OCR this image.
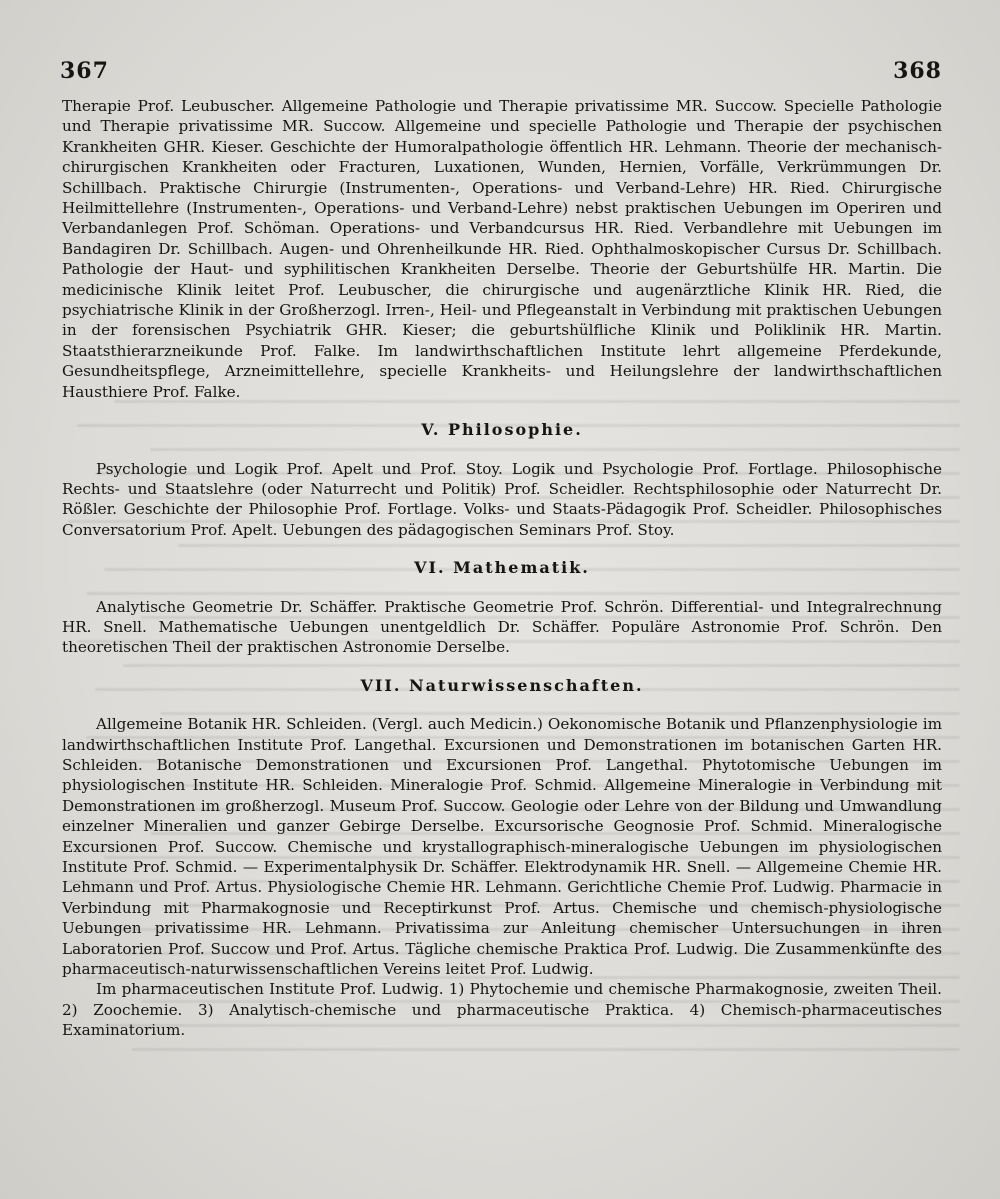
367	368

Therapie Prof. Leubuscher. Allgemeine Pathologie und Therapie privatissime MR. Succow. Specielle Pathologie und Therapie privatissime MR. Succow. Allgemeine und specielle Pathologie und Therapie der psychischen Krankheiten GHR. Kieser. Geschichte der Humoralpathologie öffentlich HR. Lehmann. Theorie der mechanisch-chirurgischen Krankheiten oder Fracturen, Luxationen, Wunden, Hernien, Vorfälle, Verkrümmungen Dr. Schillbach. Praktische Chirurgie (Instrumenten-, Operations- und Verband-Lehre) HR. Ried. Chirurgische Heilmittellehre (Instrumenten-, Operations- und Verband-Lehre) nebst praktischen Uebungen im Operiren und Verbandanlegen Prof. Schöman. Operations- und Verbandcursus HR. Ried. Verbandlehre mit Uebungen im Bandagiren Dr. Schillbach. Augen- und Ohrenheilkunde HR. Ried. Ophthalmoskopischer Cursus Dr. Schillbach. Pathologie der Haut- und syphilitischen Krankheiten Derselbe. Theorie der Geburtshülfe HR. Martin. Die medicinische Klinik leitet Prof. Leubuscher, die chirurgische und augenärztliche Klinik HR. Ried, die psychiatrische Klinik in der Großherzogl. Irren-, Heil- und Pflegeanstalt in Verbindung mit praktischen Uebungen in der forensischen Psychiatrik GHR. Kieser; die geburtshülfliche Klinik und Poliklinik HR. Martin. Staatsthierarzneikunde Prof. Falke. Im landwirthschaftlichen Institute lehrt allgemeine Pferdekunde, Gesundheitspflege, Arzneimittellehre, specielle Krankheits- und Heilungslehre der landwirthschaftlichen Hausthiere Prof. Falke.

V. Philosophie.

Psychologie und Logik Prof. Apelt und Prof. Stoy. Logik und Psychologie Prof. Fortlage. Philosophische Rechts- und Staatslehre (oder Naturrecht und Politik) Prof. Scheidler. Rechtsphilosophie oder Naturrecht Dr. Rößler. Geschichte der Philosophie Prof. Fortlage. Volks- und Staats-Pädagogik Prof. Scheidler. Philosophisches Conversatorium Prof. Apelt. Uebungen des pädagogischen Seminars Prof. Stoy.

VI. Mathematik.

Analytische Geometrie Dr. Schäffer. Praktische Geometrie Prof. Schrön. Differential- und Integralrechnung HR. Snell. Mathematische Uebungen unentgeldlich Dr. Schäffer. Populäre Astronomie Prof. Schrön. Den theoretischen Theil der praktischen Astronomie Derselbe.

VII. Naturwissenschaften.

Allgemeine Botanik HR. Schleiden. (Vergl. auch Medicin.) Oekonomische Botanik und Pflanzenphysiologie im landwirthschaftlichen Institute Prof. Langethal. Excursionen und Demonstrationen im botanischen Garten HR. Schleiden. Botanische Demonstrationen und Excursionen Prof. Langethal. Phytotomische Uebungen im physiologischen Institute HR. Schleiden. Mineralogie Prof. Schmid. Allgemeine Mineralogie in Verbindung mit Demonstrationen im großherzogl. Museum Prof. Succow. Geologie oder Lehre von der Bildung und Umwandlung einzelner Mineralien und ganzer Gebirge Derselbe. Excursorische Geognosie Prof. Schmid. Mineralogische Excursionen Prof. Succow. Chemische und krystallographisch-mineralogische Uebungen im physiologischen Institute Prof. Schmid. — Experimentalphysik Dr. Schäffer. Elektrodynamik HR. Snell. — Allgemeine Chemie HR. Lehmann und Prof. Artus. Physiologische Chemie HR. Lehmann. Gerichtliche Chemie Prof. Ludwig. Pharmacie in Verbindung mit Pharmakognosie und Receptirkunst Prof. Artus. Chemische und chemisch-physiologische Uebungen privatissime HR. Lehmann. Privatissima zur Anleitung chemischer Untersuchungen in ihren Laboratorien Prof. Succow und Prof. Artus. Tägliche chemische Praktica Prof. Ludwig. Die Zusammenkünfte des pharmaceutisch-naturwissenschaftlichen Vereins leitet Prof. Ludwig.

Im pharmaceutischen Institute Prof. Ludwig. 1) Phytochemie und chemische Pharmakognosie, zweiten Theil. 2) Zoochemie. 3) Analytisch-chemische und pharmaceutische Praktica. 4) Chemisch-pharmaceutisches Examinatorium.
